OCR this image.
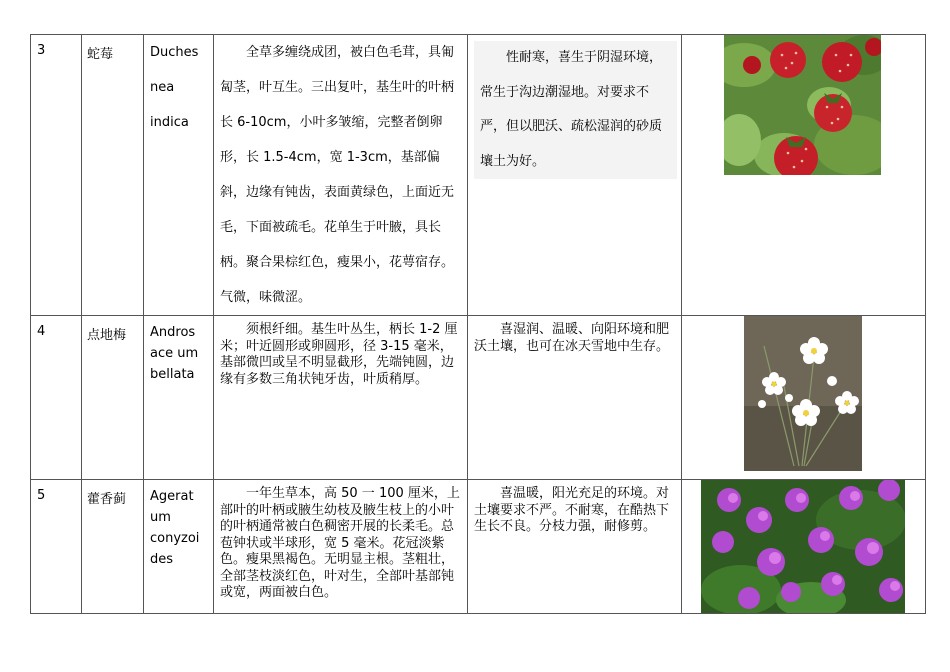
3	蛇莓	Duches
nea
indica	全草多缠绕成团，被白色毛茸，具匍匐茎，叶互生。三出复叶，基生叶的叶柄长 6-10cm，小叶多皱缩，完整者倒卵形，长 1.5-4cm，宽 1-3cm，基部偏斜，边缘有钝齿，表面黄绿色，上面近无毛，下面被疏毛。花单生于叶腋，具长柄。聚合果棕红色，瘦果小，花萼宿存。气微，味微涩。	性耐寒，喜生于阴湿环境，常生于沟边潮湿地。对要求不严，但以肥沃、疏松湿润的砂质壤土为好。

4	点地梅	Andros
ace um
bellata	须根纤细。基生叶丛生，柄长 1-2 厘米；叶近圆形或卵圆形，径 3-15 毫米，基部微凹或呈不明显截形，先端钝圆，边缘有多数三角状钝牙齿，叶质稍厚。	喜湿润、温暖、向阳环境和肥沃土壤，也可在冰天雪地中生存。

5	藿香蓟	Agerat
um
conyzoi
des	一年生草本，高 50 一 100 厘米，上部叶的叶柄或腋生幼枝及腋生枝上的小叶的叶柄通常被白色稠密开展的长柔毛。总苞钟状或半球形，宽 5 毫米。花冠淡紫色。瘦果黑褐色。无明显主根。茎粗壮，全部茎枝淡红色，叶对生，全部叶基部钝或宽，两面被白色。	喜温暖，阳光充足的环境。对土壤要求不严。不耐寒，在酷热下生长不良。分枝力强，耐修剪。
